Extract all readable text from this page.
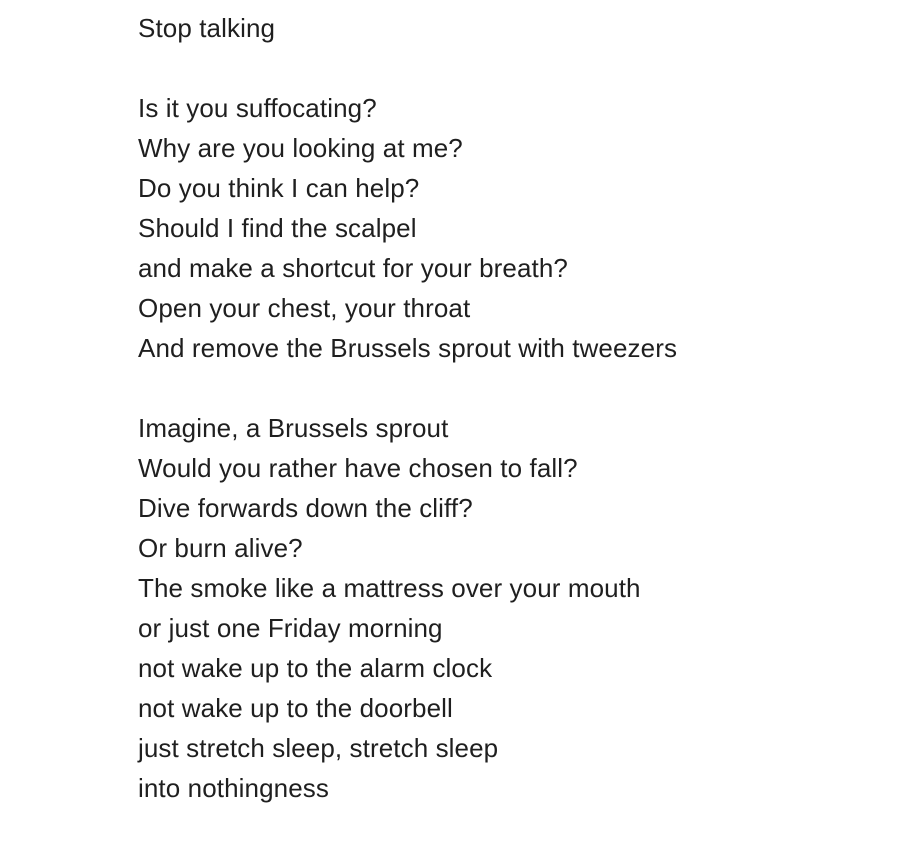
Stop talking
Is it you suffocating?
Why are you looking at me?
Do you think I can help?
Should I find the scalpel
and make a shortcut for your breath?
Open your chest, your throat
And remove the Brussels sprout with tweezers
Imagine, a Brussels sprout
Would you rather have chosen to fall?
Dive forwards down the cliff?
Or burn alive?
The smoke like a mattress over your mouth
or just one Friday morning
not wake up to the alarm clock
not wake up to the doorbell
just stretch sleep, stretch sleep
into nothingness
